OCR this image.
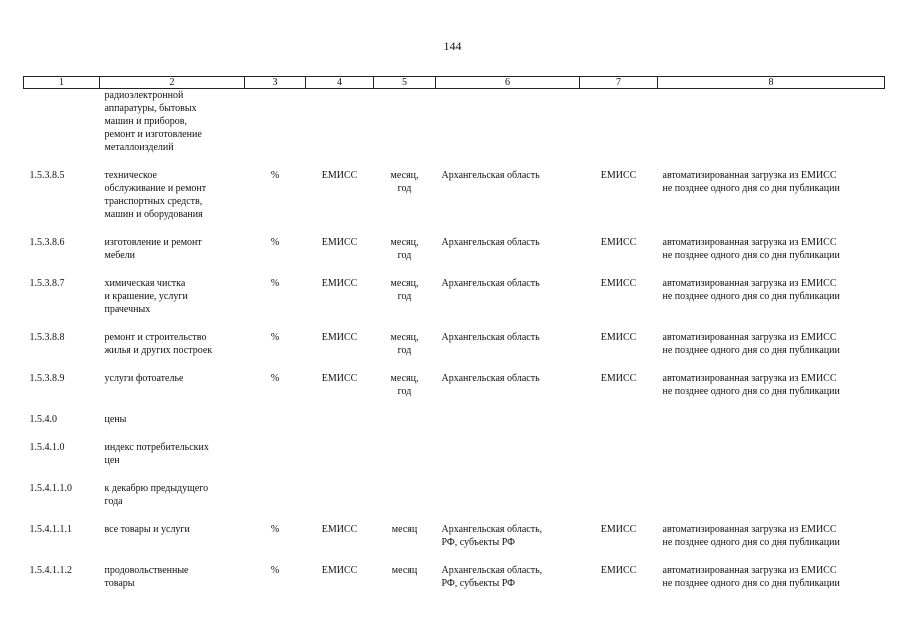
144
1	2	3	4	5	6	7	8

	радиоэлектронной
аппаратуры, бытовых
машин и приборов,
ремонт и изготовление
металлоизделий						

1.5.3.8.5	техническое
обслуживание и ремонт
транспортных средств,
машин и оборудования	%	ЕМИСС	месяц,
год	Архангельская область	ЕМИСС	автоматизированная загрузка из ЕМИСС
не позднее одного дня со дня публикации

1.5.3.8.6	изготовление и ремонт
мебели	%	ЕМИСС	месяц,
год	Архангельская область	ЕМИСС	автоматизированная загрузка из ЕМИСС
не позднее одного дня со дня публикации

1.5.3.8.7	химическая чистка
и крашение, услуги
прачечных	%	ЕМИСС	месяц,
год	Архангельская область	ЕМИСС	автоматизированная загрузка из ЕМИСС
не позднее одного дня со дня публикации

1.5.3.8.8	ремонт и строительство
жилья и других построек	%	ЕМИСС	месяц,
год	Архангельская область	ЕМИСС	автоматизированная загрузка из ЕМИСС
не позднее одного дня со дня публикации

1.5.3.8.9	услуги фотоателье	%	ЕМИСС	месяц,
год	Архангельская область	ЕМИСС	автоматизированная загрузка из ЕМИСС
не позднее одного дня со дня публикации

1.5.4.0	цены						

1.5.4.1.0	индекс потребительских
цен						

1.5.4.1.1.0	к декабрю предыдущего
года						

1.5.4.1.1.1	все товары и услуги	%	ЕМИСС	месяц	Архангельская область,
РФ, субъекты РФ	ЕМИСС	автоматизированная загрузка из ЕМИСС
не позднее одного дня со дня публикации

1.5.4.1.1.2	продовольственные
товары	%	ЕМИСС	месяц	Архангельская область,
РФ, субъекты РФ	ЕМИСС	автоматизированная загрузка из ЕМИСС
не позднее одного дня со дня публикации
